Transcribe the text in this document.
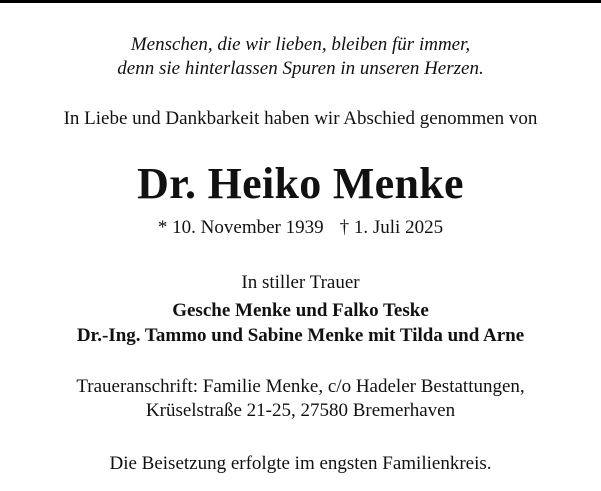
Menschen, die wir lieben, bleiben für immer,
denn sie hinterlassen Spuren in unseren Herzen.
In Liebe und Dankbarkeit haben wir Abschied genommen von
Dr. Heiko Menke
* 10. November 1939 † 1. Juli 2025
In stiller Trauer
Gesche Menke und Falko Teske
Dr.-Ing. Tammo und Sabine Menke mit Tilda und Arne
Traueranschrift: Familie Menke, c/o Hadeler Bestattungen,
Krüselstraße 21-25, 27580 Bremerhaven
Die Beisetzung erfolgte im engsten Familienkreis.
